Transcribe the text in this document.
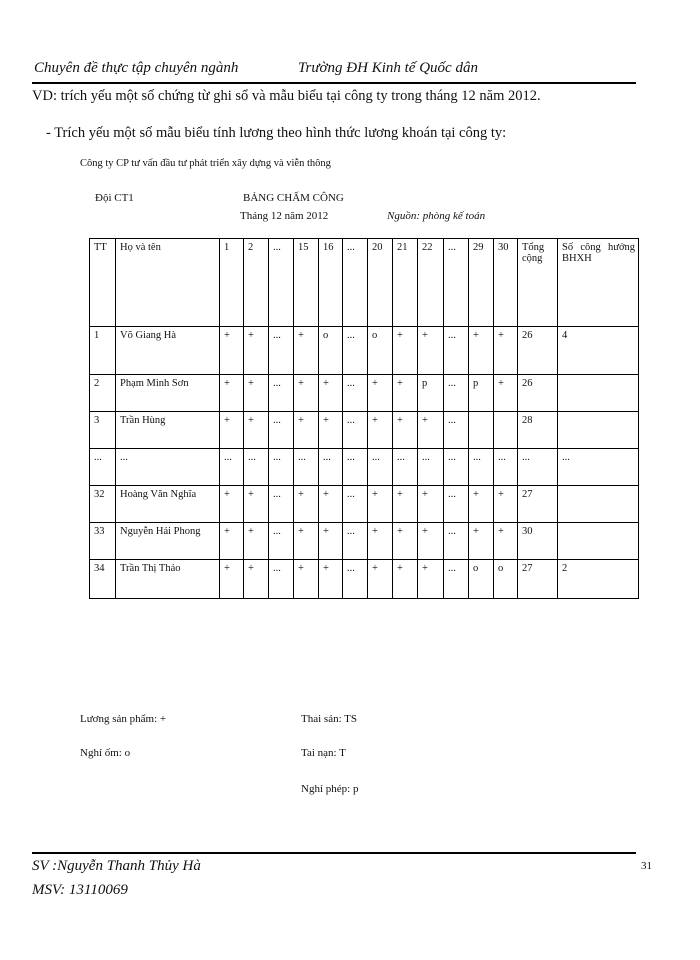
Chuyên đề thực tập chuyên ngành	Trường ĐH Kinh tế Quốc dân
VD: trích yếu một số chứng từ ghi sổ và mẫu biểu tại công ty trong tháng 12 năm 2012.
- Trích yếu một số mẫu biểu tính lương theo hình thức lương khoán tại công ty:
Công ty CP tư vấn đầu tư phát triển xây dựng và viễn thông
Đội CT1	BẢNG CHẤM CÔNG
Tháng 12 năm 2012	Nguồn: phòng kế toán
TT	Họ và tên	1	2	...	15	16	...	20	21	22	...	29	30	Tổng cộng	Số công hưởng BHXH
1	Võ Giang Hà	+	+	...	+	o	...	o	+	+	...	+	+	26	4
2	Phạm Minh Sơn	+	+	...	+	+	...	+	+	p	...	p	+	26	
3	Trần Hùng	+	+	...	+	+	...	+	+	+	...			28	
...	...	...	...	...	...	...	...	...	...	...	...	...	...	...	...
32	Hoàng Văn Nghĩa	+	+	...	+	+	...	+	+	+	...	+	+	27	
33	Nguyễn Hải Phong	+	+	...	+	+	...	+	+	+	...	+	+	30	
34	Trần Thị Thảo	+	+	...	+	+	...	+	+	+	...	o	o	27	2
Lương sản phẩm: +
Nghỉ ốm: o
Thai sản: TS
Tai nạn: T
Nghỉ phép: p
SV :Nguyễn Thanh Thủy Hà
MSV: 13110069
31
